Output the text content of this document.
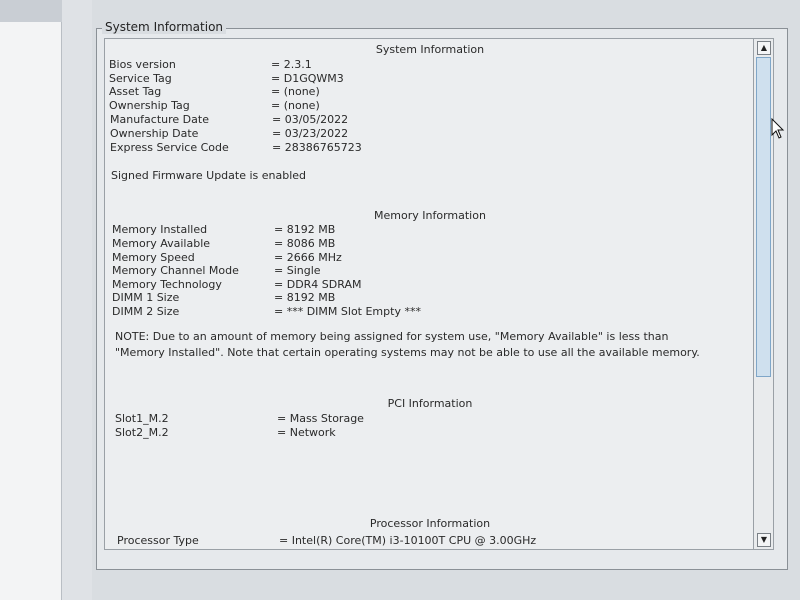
System Information
System Information
Bios version	= 2.3.1
Service Tag	= D1GQWM3
Asset Tag	= (none)
Ownership Tag	= (none)
Manufacture Date	= 03/05/2022
Ownership Date	= 03/23/2022
Express Service Code	= 28386765723
Signed Firmware Update is enabled
Memory Information
Memory Installed	= 8192 MB
Memory Available	= 8086 MB
Memory Speed	= 2666 MHz
Memory Channel Mode	= Single
Memory Technology	= DDR4 SDRAM
DIMM 1 Size	= 8192 MB
DIMM 2 Size	= *** DIMM Slot Empty ***
NOTE: Due to an amount of memory being assigned for system use, "Memory Available" is less than "Memory Installed". Note that certain operating systems may not be able to use all the available memory.
PCI Information
Slot1_M.2	= Mass Storage
Slot2_M.2	= Network
Processor Information
Processor Type	= Intel(R) Core(TM) i3-10100T CPU @ 3.00GHz
▲
▼
